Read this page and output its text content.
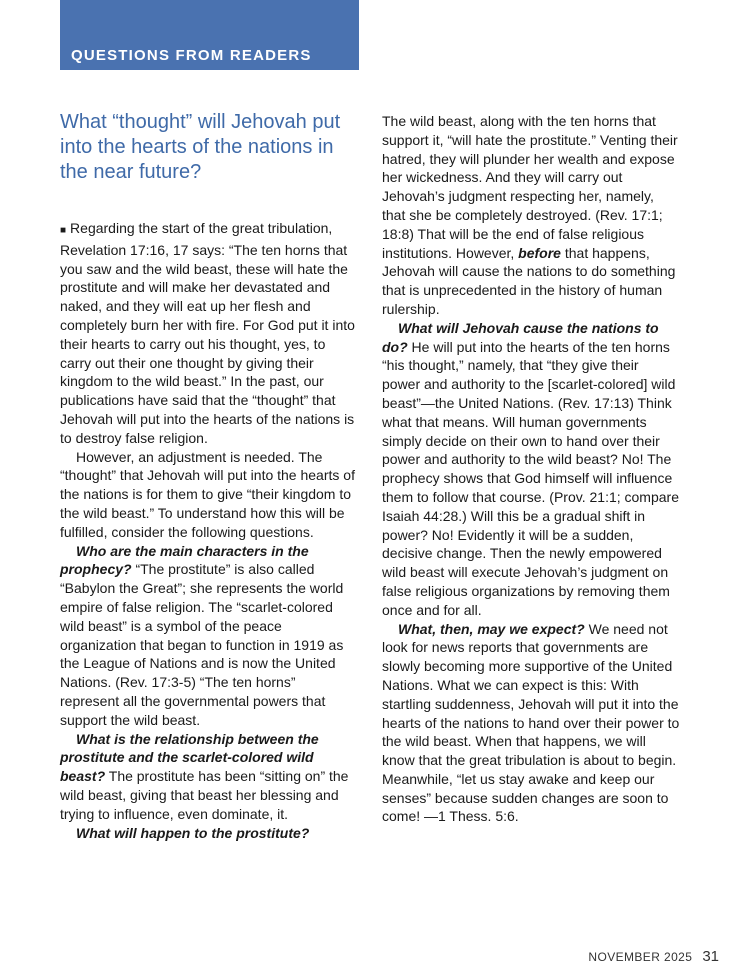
QUESTIONS FROM READERS
What “thought” will Jehovah put into the hearts of the nations in the near future?

■ Regarding the start of the great tribulation, Revelation 17:16, 17 says: “The ten horns that you saw and the wild beast, these will hate the prostitute and will make her devastated and naked, and they will eat up her flesh and completely burn her with fire. For God put it into their hearts to carry out his thought, yes, to carry out their one thought by giving their kingdom to the wild beast.” In the past, our publications have said that the “thought” that Jehovah will put into the hearts of the nations is to destroy false religion.

However, an adjustment is needed. The “thought” that Jehovah will put into the hearts of the nations is for them to give “their kingdom to the wild beast.” To understand how this will be fulfilled, consider the following questions.

Who are the main characters in the prophecy? “The prostitute” is also called “Babylon the Great”; she represents the world empire of false religion. The “scarlet-colored wild beast” is a symbol of the peace organization that began to function in 1919 as the League of Nations and is now the United Nations. (Rev. 17:3-5) “The ten horns” represent all the governmental powers that support the wild beast.

What is the relationship between the prostitute and the scarlet-colored wild beast? The prostitute has been “sitting on” the wild beast, giving that beast her blessing and trying to influence, even dominate, it.

What will happen to the prostitute?

The wild beast, along with the ten horns that support it, “will hate the prostitute.” Venting their hatred, they will plunder her wealth and expose her wickedness. And they will carry out Jehovah’s judgment respecting her, namely, that she be completely destroyed. (Rev. 17:1; 18:8) That will be the end of false religious institutions. However, before that happens, Jehovah will cause the nations to do something that is unprecedented in the history of human rulership.

What will Jehovah cause the nations to do? He will put into the hearts of the ten horns “his thought,” namely, that “they give their power and authority to the [scarlet-colored] wild beast”—the United Nations. (Rev. 17:13) Think what that means. Will human governments simply decide on their own to hand over their power and authority to the wild beast? No! The prophecy shows that God himself will influence them to follow that course. (Prov. 21:1; compare Isaiah 44:28.) Will this be a gradual shift in power? No! Evidently it will be a sudden, decisive change. Then the newly empowered wild beast will execute Jehovah’s judgment on false religious organizations by removing them once and for all.

What, then, may we expect? We need not look for news reports that governments are slowly becoming more supportive of the United Nations. What we can expect is this: With startling suddenness, Jehovah will put it into the hearts of the nations to hand over their power to the wild beast. When that happens, we will know that the great tribulation is about to begin. Meanwhile, “let us stay awake and keep our senses” because sudden changes are soon to come! —1 Thess. 5:6.

NOVEMBER 2025 31
